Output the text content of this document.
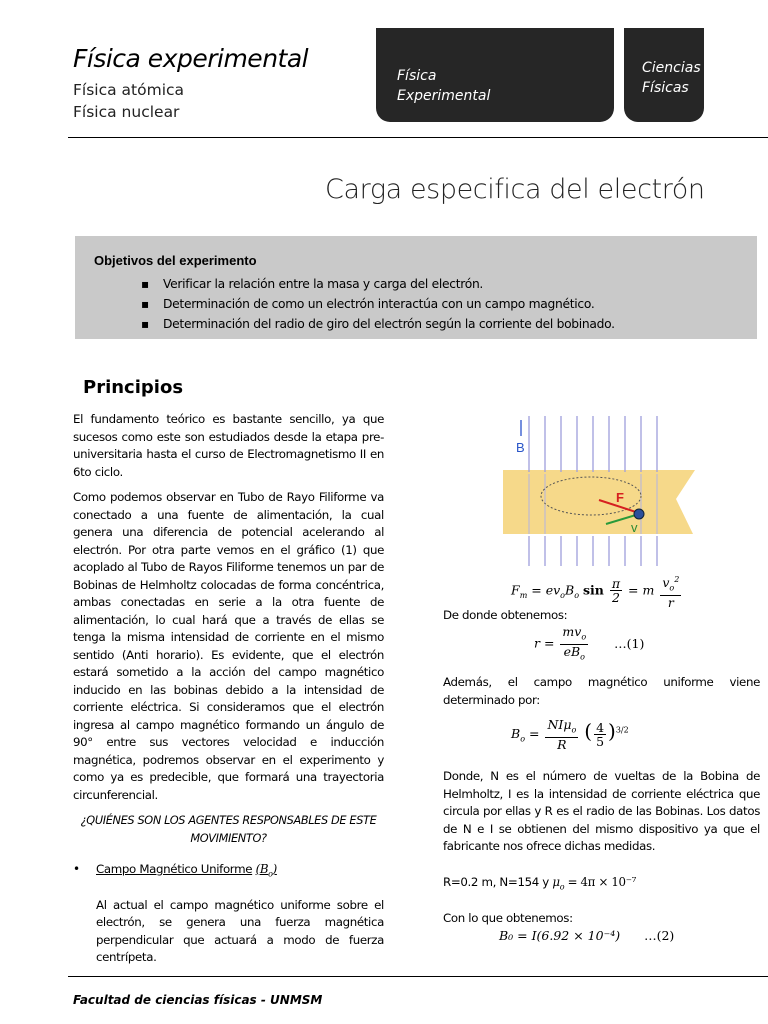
Física experimental
Física atómica
Física nuclear
Física
Experimental
Ciencias
Físicas
Carga especifica del electrón
Objetivos del experimento
▪ Verificar la relación entre la masa y carga del electrón.
▪ Determinación de como un electrón interactúa con un campo magnético.
▪ Determinación del radio de giro del electrón según la corriente del bobinado.
Principios

El fundamento teórico es bastante sencillo, ya que sucesos como este son estudiados desde la etapa pre-universitaria hasta el curso de Electromagnetismo II en 6to ciclo.

Como podemos observar en Tubo de Rayo Filiforme va conectado a una fuente de alimentación, la cual genera una diferencia de potencial acelerando al electrón. Por otra parte vemos en el gráfico (1) que acoplado al Tubo de Rayos Filiforme tenemos un par de Bobinas de Helmholtz colocadas de forma concéntrica, ambas conectadas en serie a la otra fuente de alimentación, lo cual hará que a través de ellas se tenga la misma intensidad de corriente en el mismo sentido (Anti horario). Es evidente, que el electrón estará sometido a la acción del campo magnético inducido en las bobinas debido a la intensidad de corriente eléctrica. Si consideramos que el electrón ingresa al campo magnético formando un ángulo de 90° entre sus vectores velocidad e inducción magnética, podremos observar en el experimento y como ya es predecible, que formará una trayectoria circunferencial.

¿QUIÉNES SON LOS AGENTES RESPONSABLES DE ESTE MOVIMIENTO?
•	Campo Magnético Uniforme $(B_o)$

Al actual el campo magnético uniforme sobre el electrón, se genera una fuerza magnética perpendicular que actuará a modo de fuerza centrípeta.

B
F
v
$F_m = ev_oB_o$ $\sin \frac{\pi}{2} = m \frac{v_o^2}{r}$
De donde obtenemos:
$r = \frac{mv_o}{eB_o}$ …(1)
Además, el campo magnético uniforme viene determinado por:
$B_o = \frac{NI\mu_o}{R}$ ( $\frac{4}{5} )^{3/2}$
Donde, N es el número de vueltas de la Bobina de Helmholtz, I es la intensidad de corriente eléctrica que circula por ellas y R es el radio de las Bobinas. Los datos de N e I se obtienen del mismo dispositivo ya que el fabricante nos ofrece dichas medidas.
R=0.2 m, N=154 y $\mu_o = 4\pi \times 10^{-7}$
Con lo que obtenemos:
B₀ = I(6.92 × 10⁻⁴) …(2)
Facultad de ciencias físicas - UNMSM
